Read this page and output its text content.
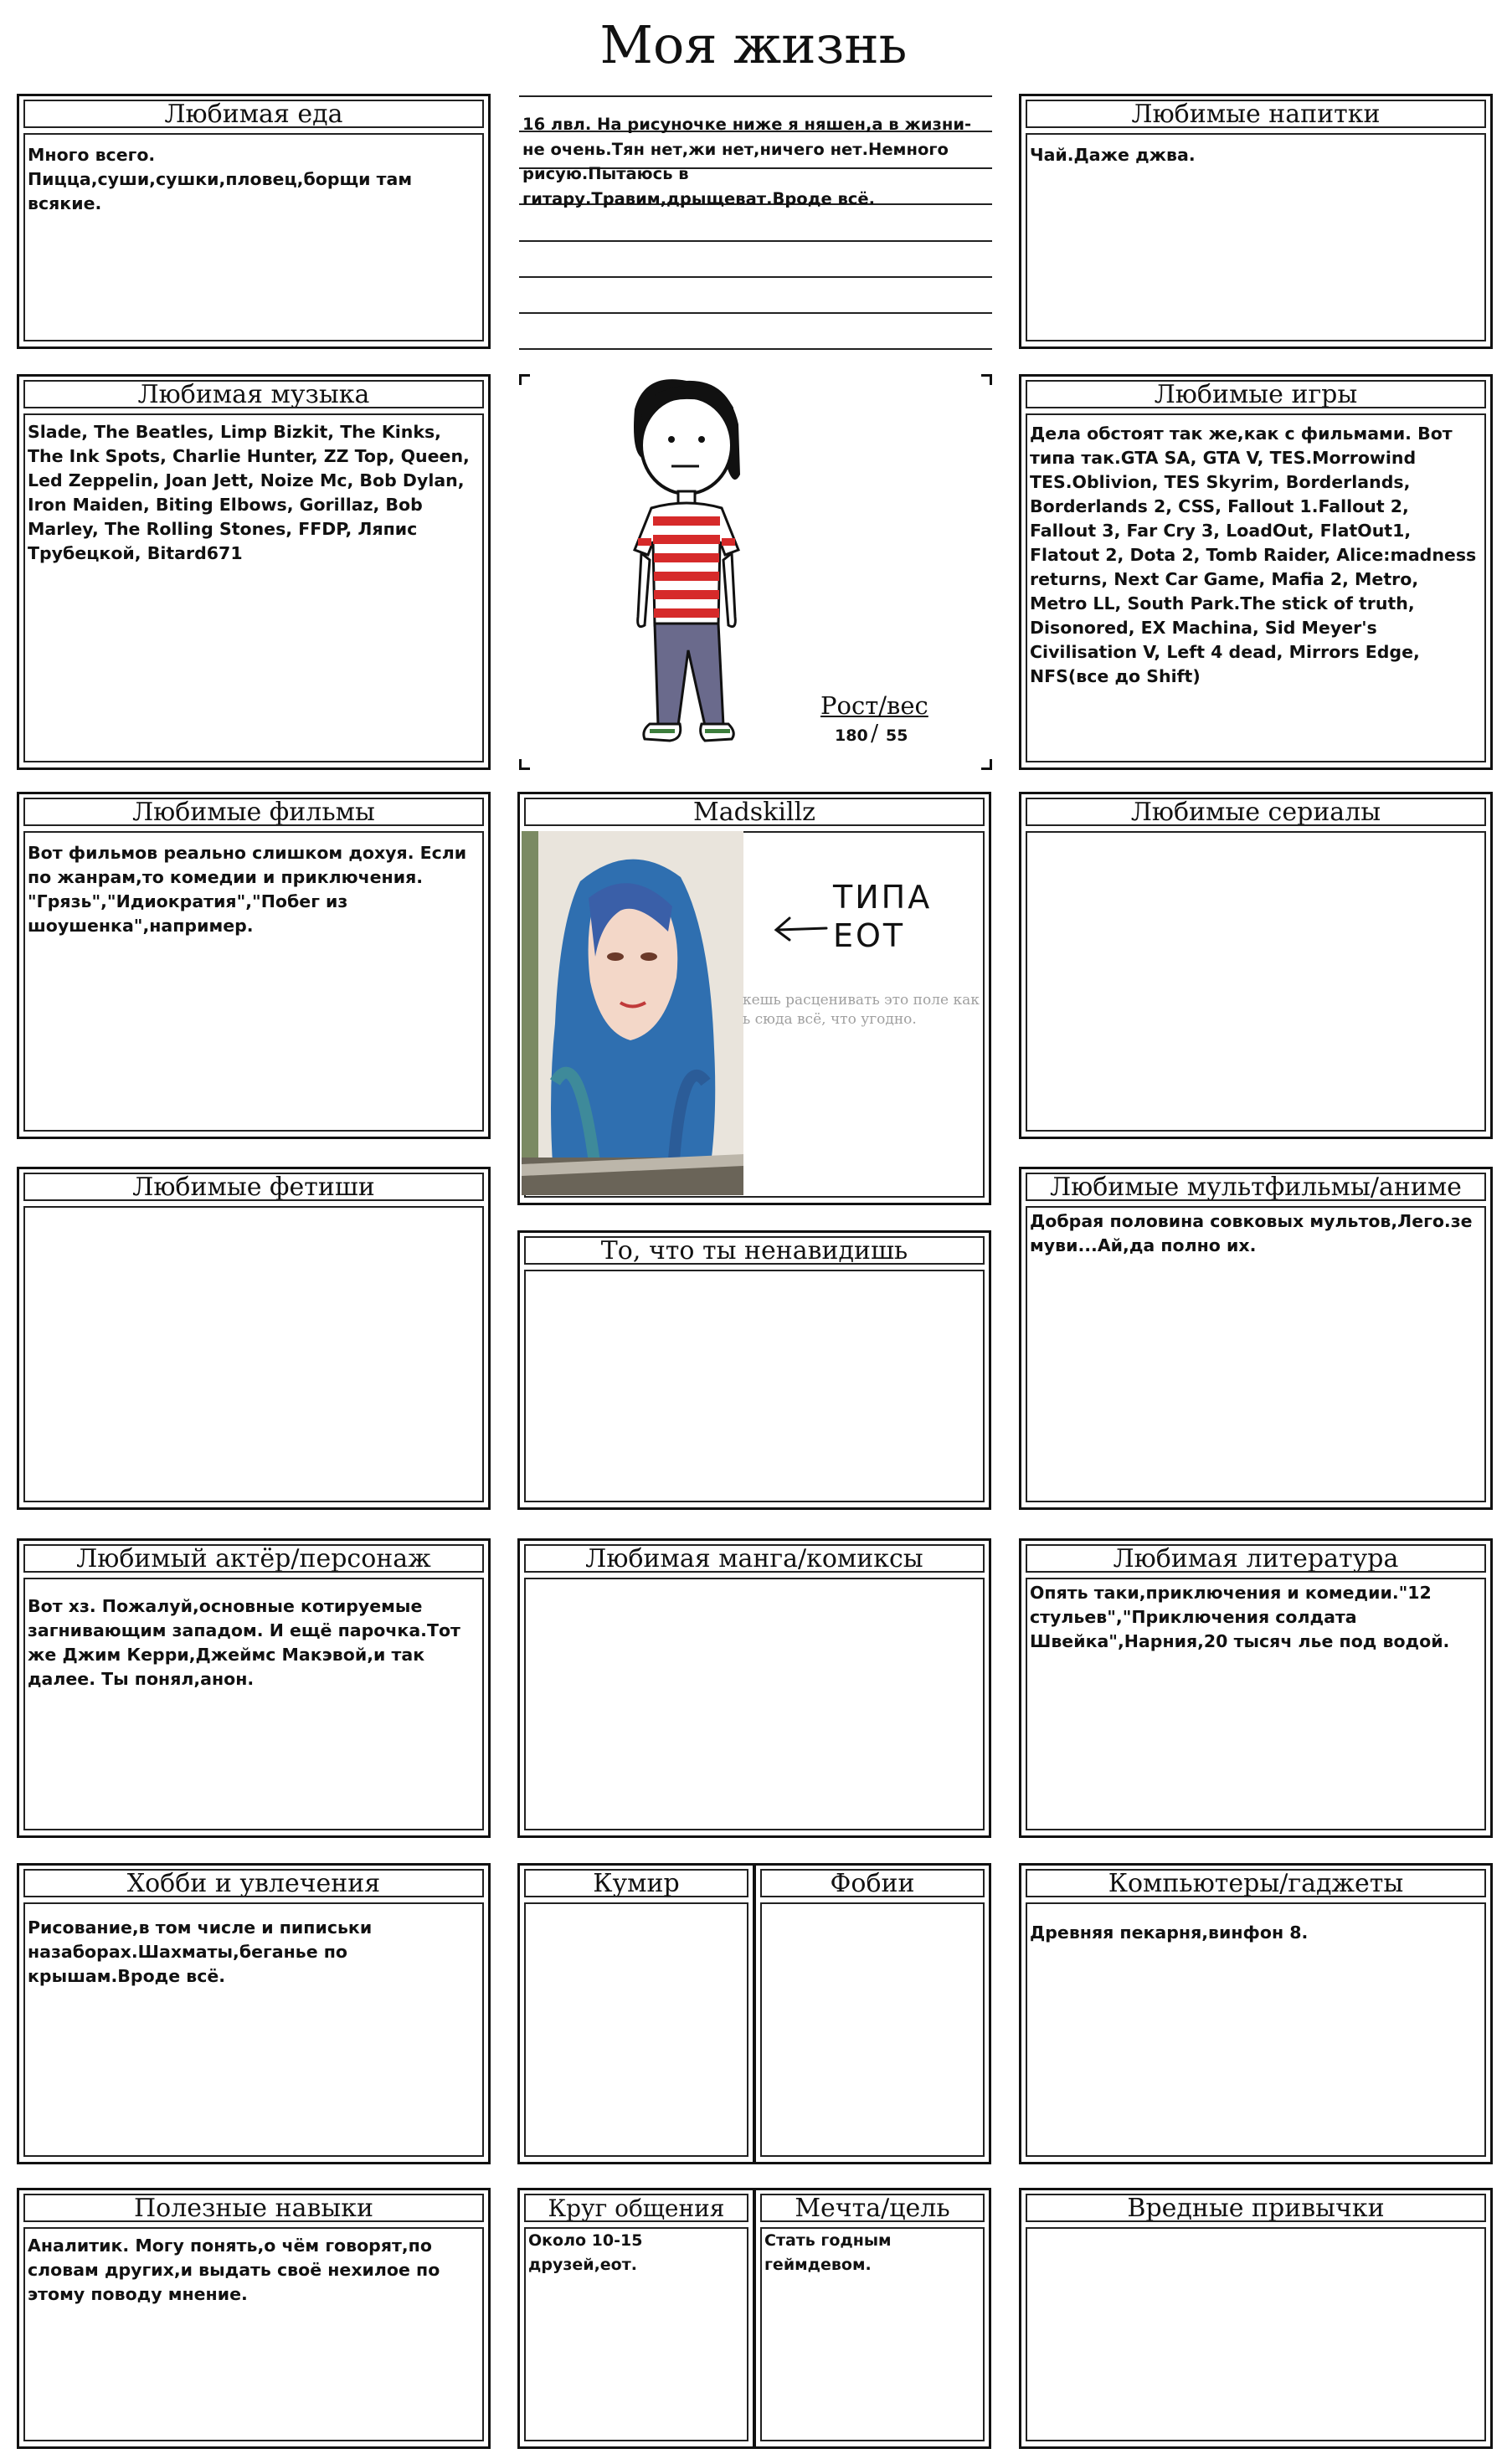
Моя жизнь
Любимая еда
Много всего. Пицца,суши,сушки,пловец,борщи там всякие.
16 лвл. На рисуночке ниже я няшен,а в жизни-не очень.Тян нет,жи нет,ничего нет.Немного рисую.Пытаюсь в гитару.Травим,дрыщеват.Вроде всё.
Любимые напитки
Чай.Даже джва.
Любимая музыка
Slade, The Beatles, Limp Bizkit, The Kinks, The Ink Spots, Charlie Hunter, ZZ Top, Queen, Led Zeppelin, Joan Jett, Noize Mc, Bob Dylan, Iron Maiden, Biting Elbows, Gorillaz, Bob Marley, The Rolling Stones, FFDP, Ляпис Трубецкой, Bitard671
Рост/вес
180 / 55
Любимые игры
Дела обстоят так же,как с фильмами. Вот типа так.GTA SA, GTA V, TES.Morrowind TES.Oblivion, TES Skyrim, Borderlands, Borderlands 2, CSS, Fallout 1.Fallout 2, Fallout 3, Far Cry 3, LoadOut, FlatOut1, Flatout 2, Dota 2, Tomb Raider, Alice:madness returns, Next Car Game, Mafia 2, Metro, Metro LL, South Park.The stick of truth, Disonored, EX Machina, Sid Meyer's Civilisation V, Left 4 dead, Mirrors Edge, NFS(все до Shift)
Любимые фильмы
Вот фильмов реально слишком дохуя. Если по жанрам,то комедии и приключения. "Грязь","Идиократия","Побег из шоушенка",например.
Madskillz
кешь расценивать это поле как
ь сюда всё, что угодно.
ТИПА ЕОТ
Любимые сериалы
Любимые фетиши
То, что ты ненавидишь
Любимые мультфильмы/аниме
Добрая половина совковых мультов,Лего.зе муви...Ай,да полно их.
Любимый актёр/персонаж
Вот хз. Пожалуй,основные котируемые загнивающим западом. И ещё парочка.Тот же Джим Керри,Джеймс Макэвой,и так далее. Ты понял,анон.
Любимая манга/комиксы	Любимая литература
Опять таки,приключения и комедии."12 стульев","Приключения солдата Швейка",Нарния,20 тысяч лье под водой.
Хобби и увлечения
Рисование,в том числе и пиписьки назаборах.Шахматы,беганье по крышам.Вроде всё.
Кумир	Фобии	Компьютеры/гаджеты
Древняя пекарня,винфон 8.
Полезные навыки
Аналитик. Могу понять,о чём говорят,по словам других,и выдать своё нехилое по этому поводу мнение.
Круг общения
Около 10-15 друзей,еот.
Мечта/цель
Стать годным геймдевом.
Вредные привычки
